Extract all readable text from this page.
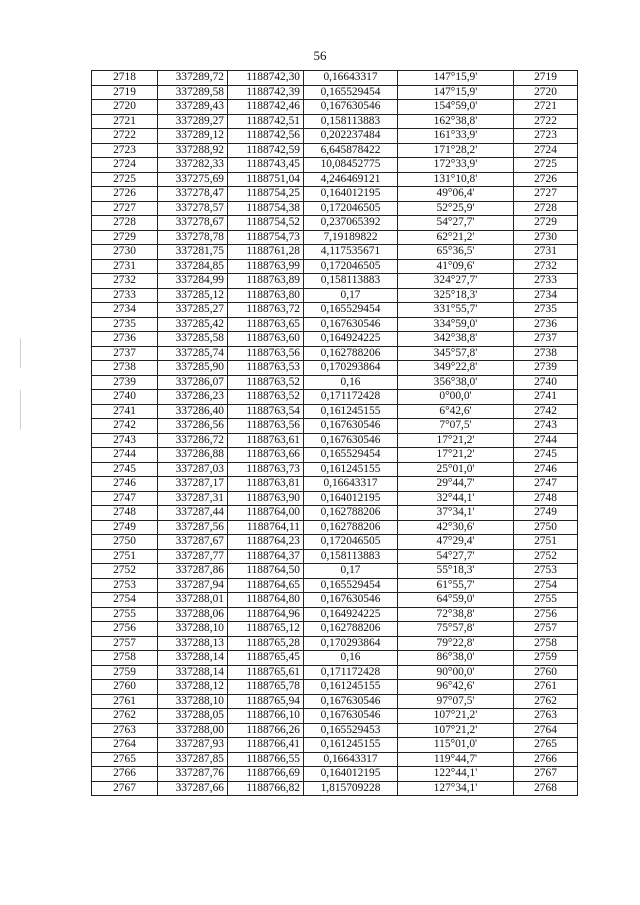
56
2718	337289,72	1188742,30	0,16643317	147°15,9'	2719
2719	337289,58	1188742,39	0,165529454	147°15,9'	2720
2720	337289,43	1188742,46	0,167630546	154°59,0'	2721
2721	337289,27	1188742,51	0,158113883	162°38,8'	2722
2722	337289,12	1188742,56	0,202237484	161°33,9'	2723
2723	337288,92	1188742,59	6,645878422	171°28,2'	2724
2724	337282,33	1188743,45	10,08452775	172°33,9'	2725
2725	337275,69	1188751,04	4,246469121	131°10,8'	2726
2726	337278,47	1188754,25	0,164012195	49°06,4'	2727
2727	337278,57	1188754,38	0,172046505	52°25,9'	2728
2728	337278,67	1188754,52	0,237065392	54°27,7'	2729
2729	337278,78	1188754,73	7,19189822	62°21,2'	2730
2730	337281,75	1188761,28	4,117535671	65°36,5'	2731
2731	337284,85	1188763,99	0,172046505	41°09,6'	2732
2732	337284,99	1188763,89	0,158113883	324°27,7'	2733
2733	337285,12	1188763,80	0,17	325°18,3'	2734
2734	337285,27	1188763,72	0,165529454	331°55,7'	2735
2735	337285,42	1188763,65	0,167630546	334°59,0'	2736
2736	337285,58	1188763,60	0,164924225	342°38,8'	2737
2737	337285,74	1188763,56	0,162788206	345°57,8'	2738
2738	337285,90	1188763,53	0,170293864	349°22,8'	2739
2739	337286,07	1188763,52	0,16	356°38,0'	2740
2740	337286,23	1188763,52	0,171172428	0°00,0'	2741
2741	337286,40	1188763,54	0,161245155	6°42,6'	2742
2742	337286,56	1188763,56	0,167630546	7°07,5'	2743
2743	337286,72	1188763,61	0,167630546	17°21,2'	2744
2744	337286,88	1188763,66	0,165529454	17°21,2'	2745
2745	337287,03	1188763,73	0,161245155	25°01,0'	2746
2746	337287,17	1188763,81	0,16643317	29°44,7'	2747
2747	337287,31	1188763,90	0,164012195	32°44,1'	2748
2748	337287,44	1188764,00	0,162788206	37°34,1'	2749
2749	337287,56	1188764,11	0,162788206	42°30,6'	2750
2750	337287,67	1188764,23	0,172046505	47°29,4'	2751
2751	337287,77	1188764,37	0,158113883	54°27,7'	2752
2752	337287,86	1188764,50	0,17	55°18,3'	2753
2753	337287,94	1188764,65	0,165529454	61°55,7'	2754
2754	337288,01	1188764,80	0,167630546	64°59,0'	2755
2755	337288,06	1188764,96	0,164924225	72°38,8'	2756
2756	337288,10	1188765,12	0,162788206	75°57,8'	2757
2757	337288,13	1188765,28	0,170293864	79°22,8'	2758
2758	337288,14	1188765,45	0,16	86°38,0'	2759
2759	337288,14	1188765,61	0,171172428	90°00,0'	2760
2760	337288,12	1188765,78	0,161245155	96°42,6'	2761
2761	337288,10	1188765,94	0,167630546	97°07,5'	2762
2762	337288,05	1188766,10	0,167630546	107°21,2'	2763
2763	337288,00	1188766,26	0,165529453	107°21,2'	2764
2764	337287,93	1188766,41	0,161245155	115°01,0'	2765
2765	337287,85	1188766,55	0,16643317	119°44,7'	2766
2766	337287,76	1188766,69	0,164012195	122°44,1'	2767
2767	337287,66	1188766,82	1,815709228	127°34,1'	2768
